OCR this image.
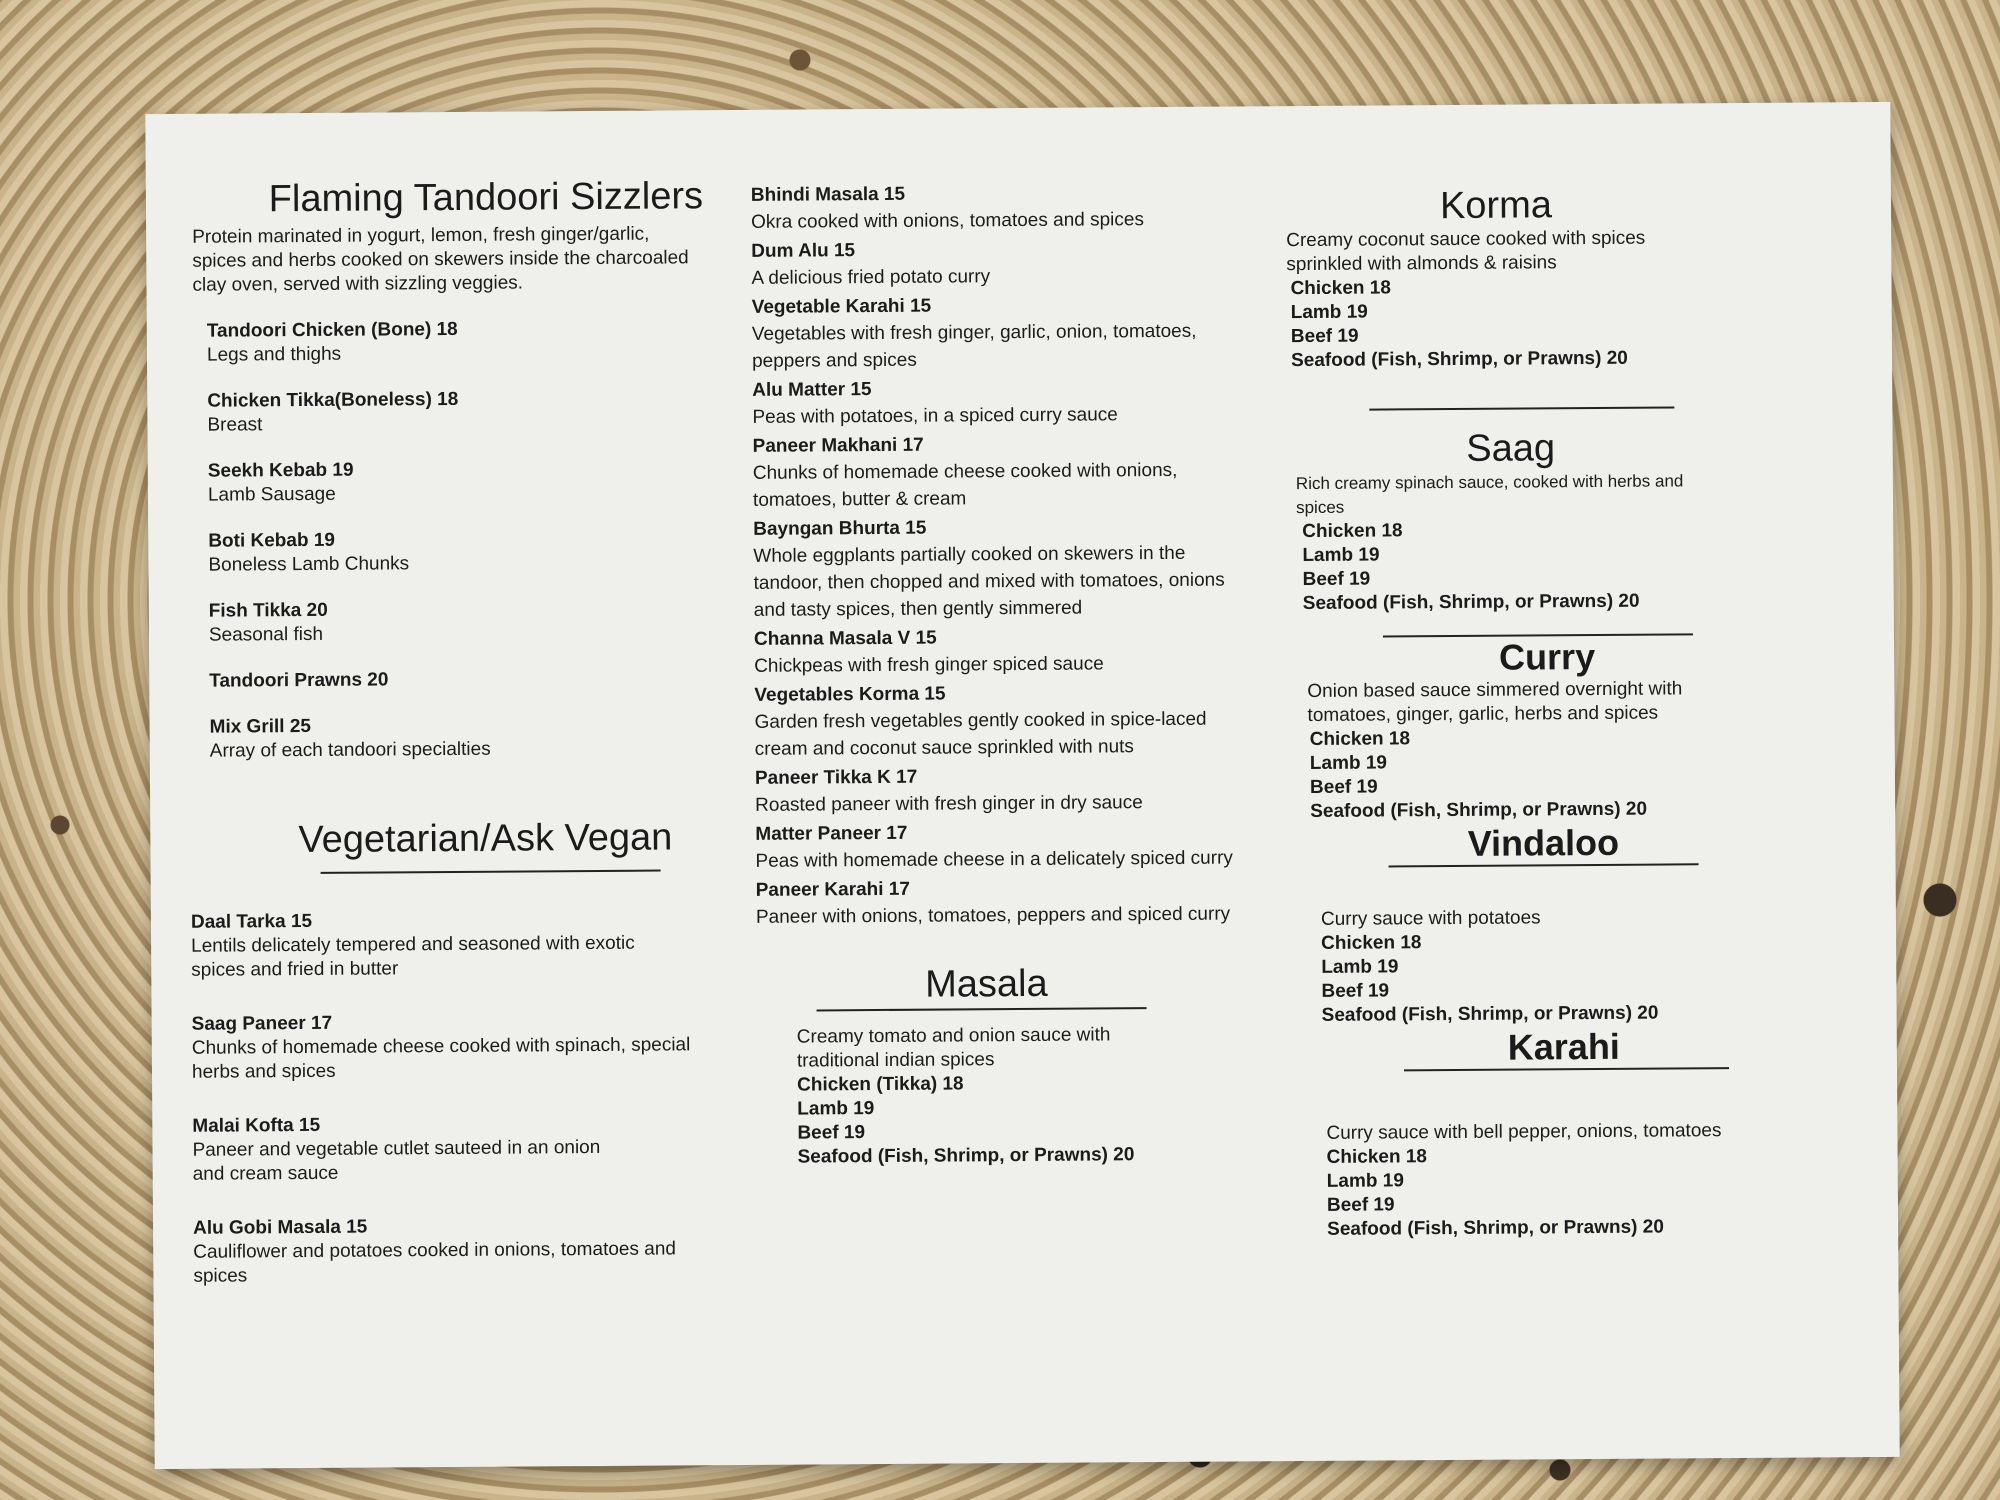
Flaming Tandoori Sizzlers

Protein marinated in yogurt, lemon, fresh ginger/garlic, spices and herbs cooked on skewers inside the charcoaled clay oven, served with sizzling veggies.

Tandoori Chicken (Bone) 18
Legs and thighs
Chicken Tikka(Boneless) 18
Breast
Seekh Kebab 19
Lamb Sausage
Boti Kebab 19
Boneless Lamb Chunks
Fish Tikka 20
Seasonal fish
Tandoori Prawns 20
Mix Grill 25
Array of each tandoori specialties
Vegetarian/Ask Vegan
Daal Tarka 15
Lentils delicately tempered and seasoned with exotic spices and fried in butter
Saag Paneer 17
Chunks of homemade cheese cooked with spinach, special herbs and spices
Malai Kofta 15
Paneer and vegetable cutlet sauteed in an onion and cream sauce
Alu Gobi Masala 15
Cauliflower and potatoes cooked in onions, tomatoes and spices
Bhindi Masala 15
Okra cooked with onions, tomatoes and spices
Dum Alu 15
A delicious fried potato curry
Vegetable Karahi 15
Vegetables with fresh ginger, garlic, onion, tomatoes, peppers and spices
Alu Matter 15
Peas with potatoes, in a spiced curry sauce
Paneer Makhani 17
Chunks of homemade cheese cooked with onions, tomatoes, butter & cream
Bayngan Bhurta 15
Whole eggplants partially cooked on skewers in the tandoor, then chopped and mixed with tomatoes, onions and tasty spices, then gently simmered
Channa Masala V 15
Chickpeas with fresh ginger spiced sauce
Vegetables Korma 15
Garden fresh vegetables gently cooked in spice-laced cream and coconut sauce sprinkled with nuts
Paneer Tikka K 17
Roasted paneer with fresh ginger in dry sauce
Matter Paneer 17
Peas with homemade cheese in a delicately spiced curry
Paneer Karahi 17
Paneer with onions, tomatoes, peppers and spiced curry
Masala
Creamy tomato and onion sauce with traditional indian spices
Chicken (Tikka) 18
Lamb 19
Beef 19
Seafood (Fish, Shrimp, or Prawns) 20
Korma
Creamy coconut sauce cooked with spices sprinkled with almonds & raisins
Chicken 18
Lamb 19
Beef 19
Seafood (Fish, Shrimp, or Prawns) 20
Saag
Rich creamy spinach sauce, cooked with herbs and spices
Chicken 18
Lamb 19
Beef 19
Seafood (Fish, Shrimp, or Prawns) 20
Curry
Onion based sauce simmered overnight with tomatoes, ginger, garlic, herbs and spices
Chicken 18
Lamb 19
Beef 19
Seafood (Fish, Shrimp, or Prawns) 20
Vindaloo
Curry sauce with potatoes
Chicken 18
Lamb 19
Beef 19
Seafood (Fish, Shrimp, or Prawns) 20
Karahi
Curry sauce with bell pepper, onions, tomatoes
Chicken 18
Lamb 19
Beef 19
Seafood (Fish, Shrimp, or Prawns) 20
